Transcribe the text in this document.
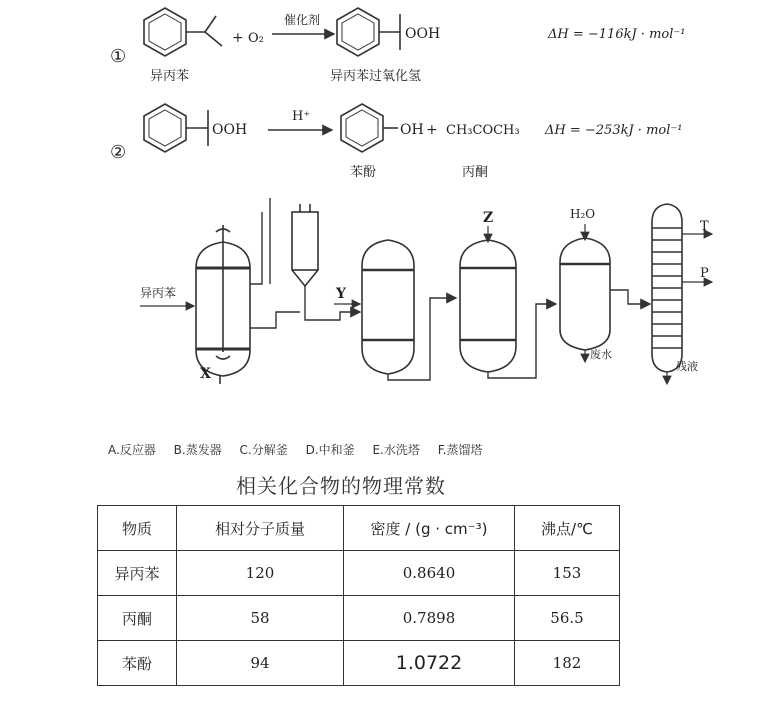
①
+ O₂
催化剂
OOH	ΔH = −116kJ · mol⁻¹
异丙苯	异丙苯过氧化氢
②
OOH
H⁺
OH + CH₃COCH₃ ΔH = −253kJ · mol⁻¹
苯酚	丙酮
异丙苯
X
Y
Z	H₂O
废水
T
P
残液
A.反应器 B.蒸发器 C.分解釜 D.中和釜 E.水洗塔 F.蒸馏塔
相关化合物的物理常数
物质	相对分子质量	密度 / (g · cm⁻³)	沸点/℃
异丙苯	120	0.8640	153
丙酮	58	0.7898	56.5
苯酚	94	1.0722	182
